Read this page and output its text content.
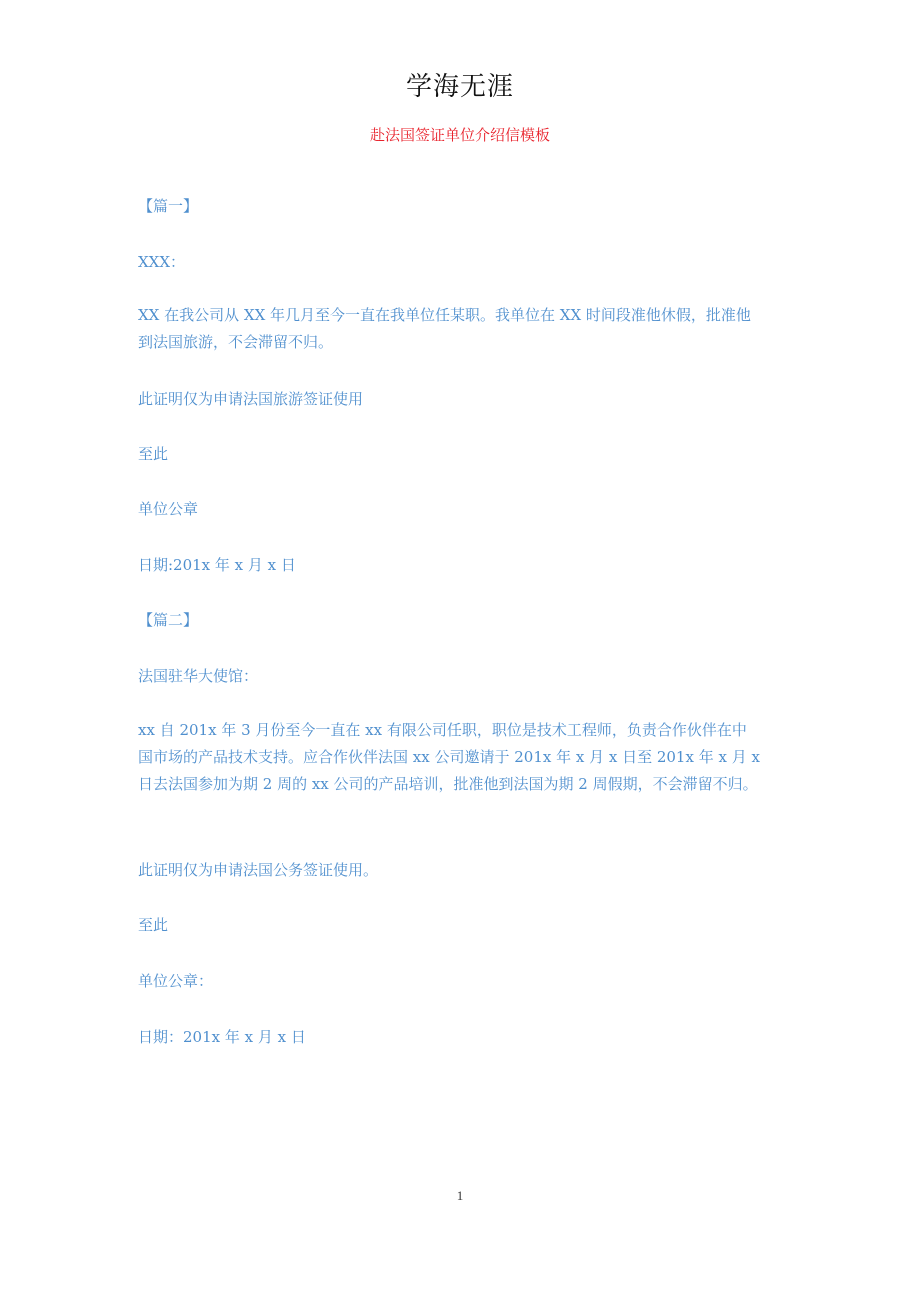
学海无涯
赴法国签证单位介绍信模板
【篇一】
XXX：
XX 在我公司从 XX 年几月至今一直在我单位任某职。我单位在 XX 时间段准他休假，批准他
到法国旅游，不会滞留不归。
此证明仅为申请法国旅游签证使用
至此
单位公章
日期:201x 年 x 月 x 日
【篇二】
法国驻华大使馆：
xx 自 201x 年 3 月份至今一直在 xx 有限公司任职，职位是技术工程师，负责合作伙伴在中
国市场的产品技术支持。应合作伙伴法国 xx 公司邀请于 201x 年 x 月 x 日至 201x 年 x 月 x
日去法国参加为期 2 周的 xx 公司的产品培训，批准他到法国为期 2 周假期，不会滞留不归。
此证明仅为申请法国公务签证使用。
至此
单位公章：
日期：201x 年 x 月 x 日
1
